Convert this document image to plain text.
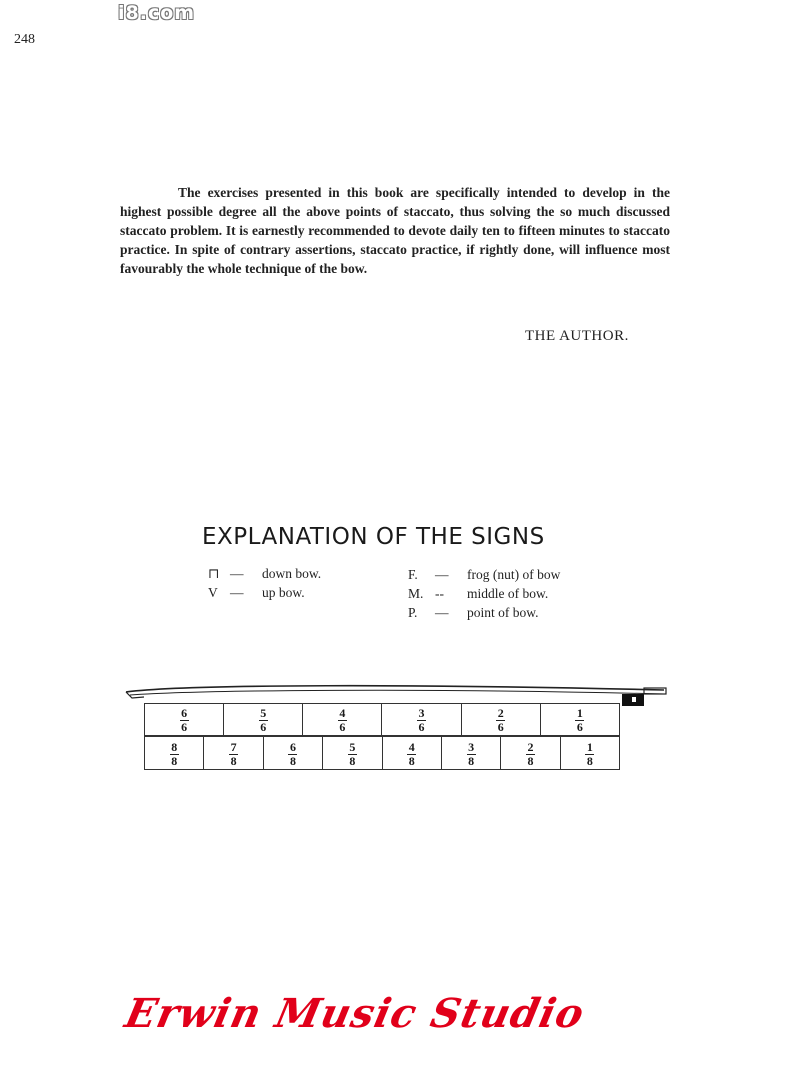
i8.com
248

The exercises presented in this book are specifically intended to develop in the highest possible degree all the above points of staccato, thus solving the so much discussed staccato problem. It is earnestly recommended to devote daily ten to fifteen minutes to staccato practice. In spite of contrary assertions, staccato practice, if rightly done, will influence most favourably the whole technique of the bow.

THE AUTHOR.
EXPLANATION OF THE SIGNS
⊓ — down bow.
V — up bow.
F. — frog (nut) of bow
M. -- middle of bow.
P. — point of bow.
$\frac{6}{6}$	$\frac{5}{6}$	$\frac{4}{6}$	$\frac{3}{6}$	$\frac{2}{6}$	$\frac{1}{6}$
$\frac{8}{8}$	$\frac{7}{8}$	$\frac{6}{8}$	$\frac{5}{8}$	$\frac{4}{8}$	$\frac{3}{8}$	$\frac{2}{8}$	$\frac{1}{8}$
Erwin Music Studio
